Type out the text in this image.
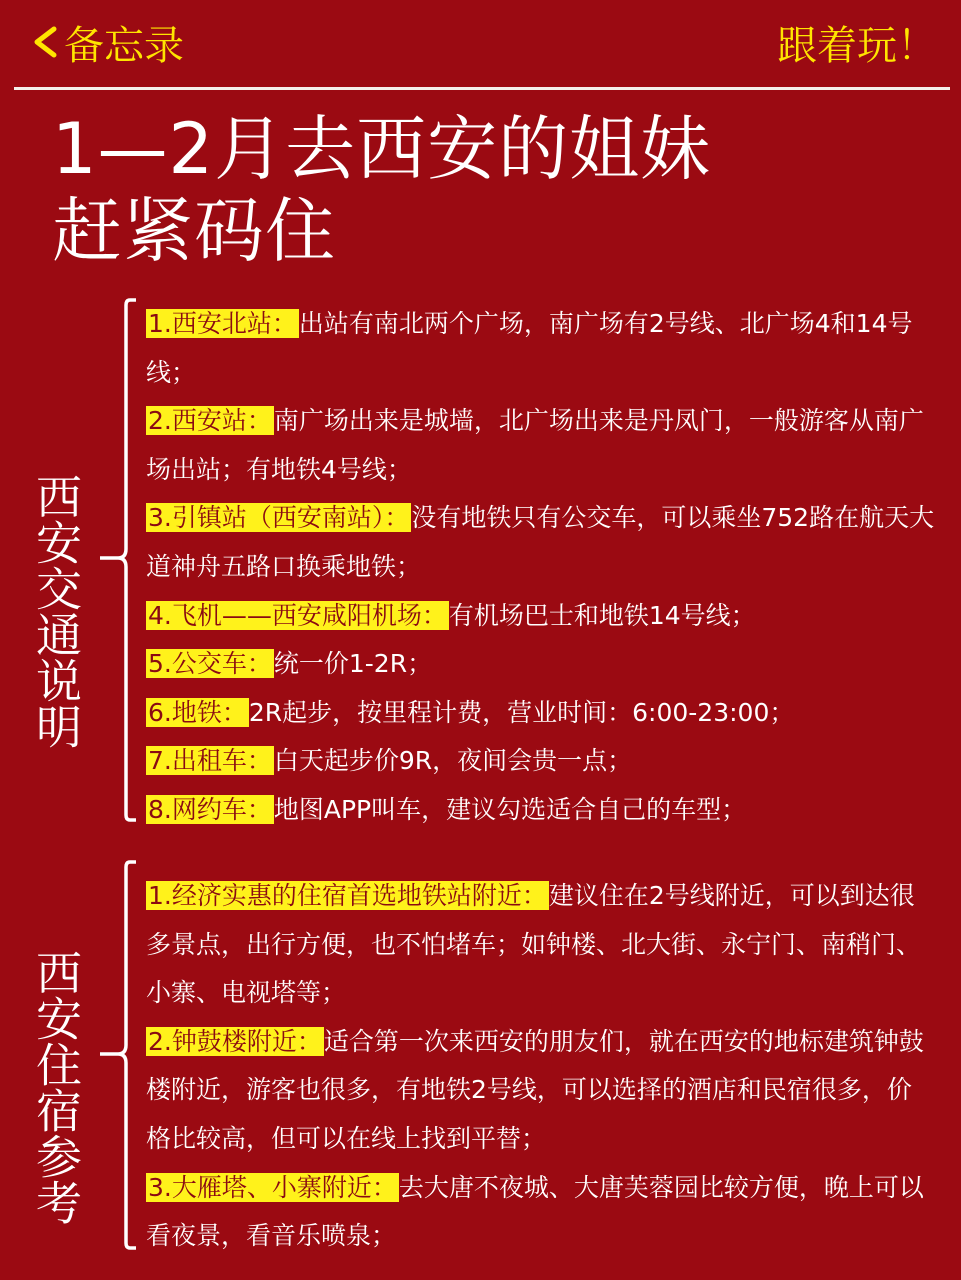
备忘录	跟着玩！
1—2月去西安的姐妹
赶紧码住
西安交通说明

1.西安北站：出站有南北两个广场，南广场有2号线、北广场4和14号线；

2.西安站：南广场出来是城墙，北广场出来是丹凤门，一般游客从南广场出站；有地铁4号线；

3.引镇站（西安南站）：没有地铁只有公交车，可以乘坐752路在航天大道神舟五路口换乘地铁；

4.飞机——西安咸阳机场：有机场巴士和地铁14号线；

5.公交车：统一价1-2R；

6.地铁：2R起步，按里程计费，营业时间：6:00-23:00；

7.出租车：白天起步价9R，夜间会贵一点；

8.网约车：地图APP叫车，建议勾选适合自己的车型；

西安住宿参考

1.经济实惠的住宿首选地铁站附近：建议住在2号线附近，可以到达很多景点，出行方便，也不怕堵车；如钟楼、北大街、永宁门、南稍门、小寨、电视塔等；

2.钟鼓楼附近：适合第一次来西安的朋友们，就在西安的地标建筑钟鼓楼附近，游客也很多，有地铁2号线，可以选择的酒店和民宿很多，价格比较高，但可以在线上找到平替；

3.大雁塔、小寨附近：去大唐不夜城、大唐芙蓉园比较方便，晚上可以看夜景，看音乐喷泉；
